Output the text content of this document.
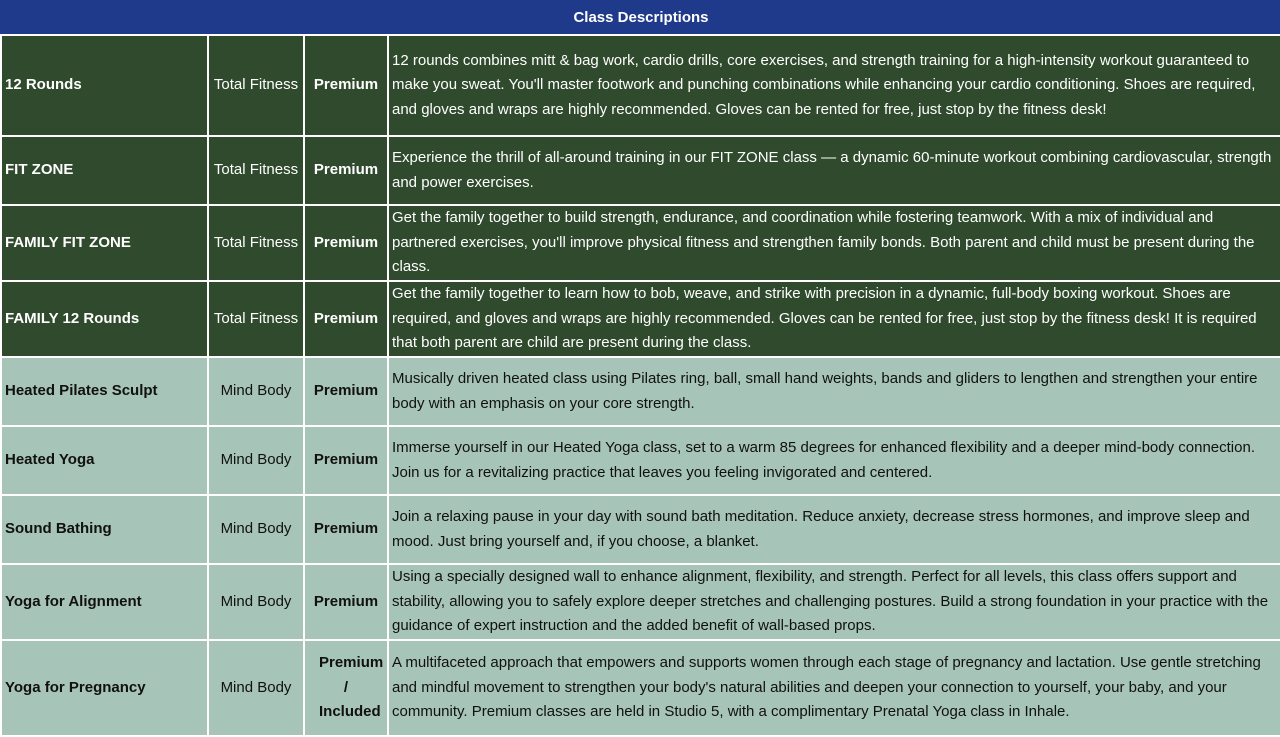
Class Descriptions			
12 Rounds	Total Fitness	Premium	12 rounds combines mitt & bag work, cardio drills, core exercises, and strength training for a high-intensity workout guaranteed to make you sweat. You'll master footwork and punching combinations while enhancing your cardio conditioning. Shoes are required, and gloves and wraps are highly recommended. Gloves can be rented for free, just stop by the fitness desk!
FIT ZONE	Total Fitness	Premium	Experience the thrill of all-around training in our FIT ZONE class — a dynamic 60-minute workout combining cardiovascular, strength and power exercises.
FAMILY FIT ZONE	Total Fitness	Premium	Get the family together to build strength, endurance, and coordination while fostering teamwork. With a mix of individual and partnered exercises, you'll improve physical fitness and strengthen family bonds. Both parent and child must be present during the class.
FAMILY 12 Rounds	Total Fitness	Premium	Get the family together to learn how to bob, weave, and strike with precision in a dynamic, full-body boxing workout. Shoes are required, and gloves and wraps are highly recommended. Gloves can be rented for free, just stop by the fitness desk! It is required that both parent are child are present during the class.
Heated Pilates Sculpt	Mind Body	Premium	Musically driven heated class using Pilates ring, ball, small hand weights, bands and gliders to lengthen and strengthen your entire body with an emphasis on your core strength.
Heated Yoga	Mind Body	Premium	Immerse yourself in our Heated Yoga class, set to a warm 85 degrees for enhanced flexibility and a deeper mind-body connection. Join us for a revitalizing practice that leaves you feeling invigorated and centered.
Sound Bathing	Mind Body	Premium	Join a relaxing pause in your day with sound bath meditation. Reduce anxiety, decrease stress hormones, and improve sleep and mood. Just bring yourself and, if you choose, a blanket.
Yoga for Alignment	Mind Body	Premium	Using a specially designed wall to enhance alignment, flexibility, and strength. Perfect for all levels, this class offers support and stability, allowing you to safely explore deeper stretches and challenging postures. Build a strong foundation in your practice with the guidance of expert instruction and the added benefit of wall-based props.
Yoga for Pregnancy	Mind Body	Premium / Included	A multifaceted approach that empowers and supports women through each stage of pregnancy and lactation. Use gentle stretching and mindful movement to strengthen your body's natural abilities and deepen your connection to yourself, your baby, and your community. Premium classes are held in Studio 5, with a complimentary Prenatal Yoga class in Inhale.
